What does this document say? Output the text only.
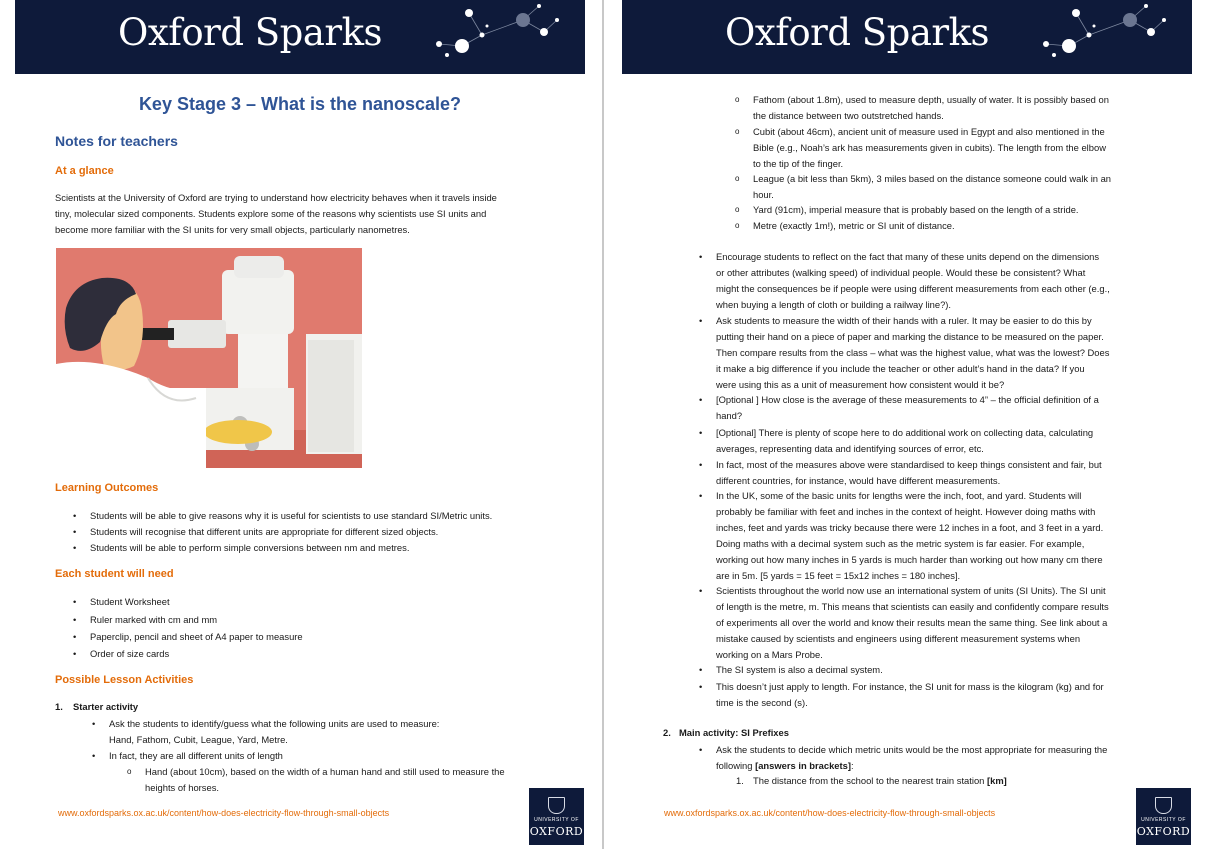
Oxford Sparks
Key Stage 3 – What is the nanoscale?
Notes for teachers
At a glance
Scientists at the University of Oxford are trying to understand how electricity behaves when it travels inside
tiny, molecular sized components. Students explore some of the reasons why scientists use SI units and
become more familiar with the SI units for very small objects, particularly nanometres.
Learning Outcomes
• Students will be able to give reasons why it is useful for scientists to use standard SI/Metric units.
• Students will recognise that different units are appropriate for different sized objects.
• Students will be able to perform simple conversions between nm and metres.
Each student will need
• Student Worksheet
• Ruler marked with cm and mm
• Paperclip, pencil and sheet of A4 paper to measure
• Order of size cards
Possible Lesson Activities
1. Starter activity
• Ask the students to identify/guess what the following units are used to measure:
Hand, Fathom, Cubit, League, Yard, Metre.
• In fact, they are all different units of length
o Hand (about 10cm), based on the width of a human hand and still used to measure the
heights of horses.
www.oxfordsparks.ox.ac.uk/content/how-does-electricity-flow-through-small-objects
UNIVERSITY OF
OXFORD
Oxford Sparks
o Fathom (about 1.8m), used to measure depth, usually of water. It is possibly based on
the distance between two outstretched hands.
o Cubit (about 46cm), ancient unit of measure used in Egypt and also mentioned in the
Bible (e.g., Noah’s ark has measurements given in cubits). The length from the elbow
to the tip of the finger.
o League (a bit less than 5km), 3 miles based on the distance someone could walk in an
hour.
o Yard (91cm), imperial measure that is probably based on the length of a stride.
o Metre (exactly 1m!), metric or SI unit of distance.
• Encourage students to reflect on the fact that many of these units depend on the dimensions
or other attributes (walking speed) of individual people. Would these be consistent? What
might the consequences be if people were using different measurements from each other (e.g.,
when buying a length of cloth or building a railway line?).
• Ask students to measure the width of their hands with a ruler. It may be easier to do this by
putting their hand on a piece of paper and marking the distance to be measured on the paper.
Then compare results from the class – what was the highest value, what was the lowest? Does
it make a big difference if you include the teacher or other adult’s hand in the data? If you
were using this as a unit of measurement how consistent would it be?
• [Optional ] How close is the average of these measurements to 4” – the official definition of a
hand?
• [Optional] There is plenty of scope here to do additional work on collecting data, calculating
averages, representing data and identifying sources of error, etc.
• In fact, most of the measures above were standardised to keep things consistent and fair, but
different countries, for instance, would have different measurements.
• In the UK, some of the basic units for lengths were the inch, foot, and yard. Students will
probably be familiar with feet and inches in the context of height. However doing maths with
inches, feet and yards was tricky because there were 12 inches in a foot, and 3 feet in a yard.
Doing maths with a decimal system such as the metric system is far easier. For example,
working out how many inches in 5 yards is much harder than working out how many cm there
are in 5m. [5 yards = 15 feet = 15x12 inches = 180 inches].
• Scientists throughout the world now use an international system of units (SI Units). The SI unit
of length is the metre, m. This means that scientists can easily and confidently compare results
of experiments all over the world and know their results mean the same thing. See link about a
mistake caused by scientists and engineers using different measurement systems when
working on a Mars Probe.
• The SI system is also a decimal system.
• This doesn’t just apply to length. For instance, the SI unit for mass is the kilogram (kg) and for
time is the second (s).
2. Main activity: SI Prefixes
• Ask the students to decide which metric units would be the most appropriate for measuring the
following [answers in brackets]:
1. The distance from the school to the nearest train station [km]
www.oxfordsparks.ox.ac.uk/content/how-does-electricity-flow-through-small-objects
UNIVERSITY OF
OXFORD
